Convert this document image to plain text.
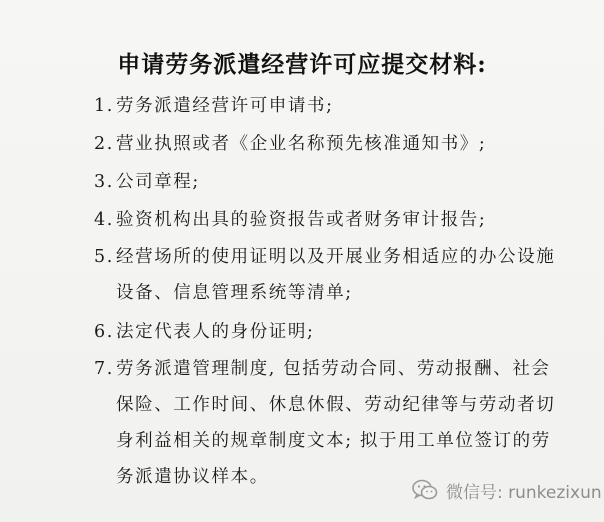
申请劳务派遣经营许可应提交材料:
1. 劳务派遣经营许可申请书;
2. 营业执照或者《企业名称预先核准通知书》;
3. 公司章程;
4. 验资机构出具的验资报告或者财务审计报告;
5. 经营场所的使用证明以及开展业务相适应的办公设施
设备、信息管理系统等清单;
6. 法定代表人的身份证明;
7. 劳务派遣管理制度, 包括劳动合同、劳动报酬、社会
保险、工作时间、休息休假、劳动纪律等与劳动者切
身利益相关的规章制度文本; 拟于用工单位签订的劳
务派遣协议样本。
微信号: runkezixun
